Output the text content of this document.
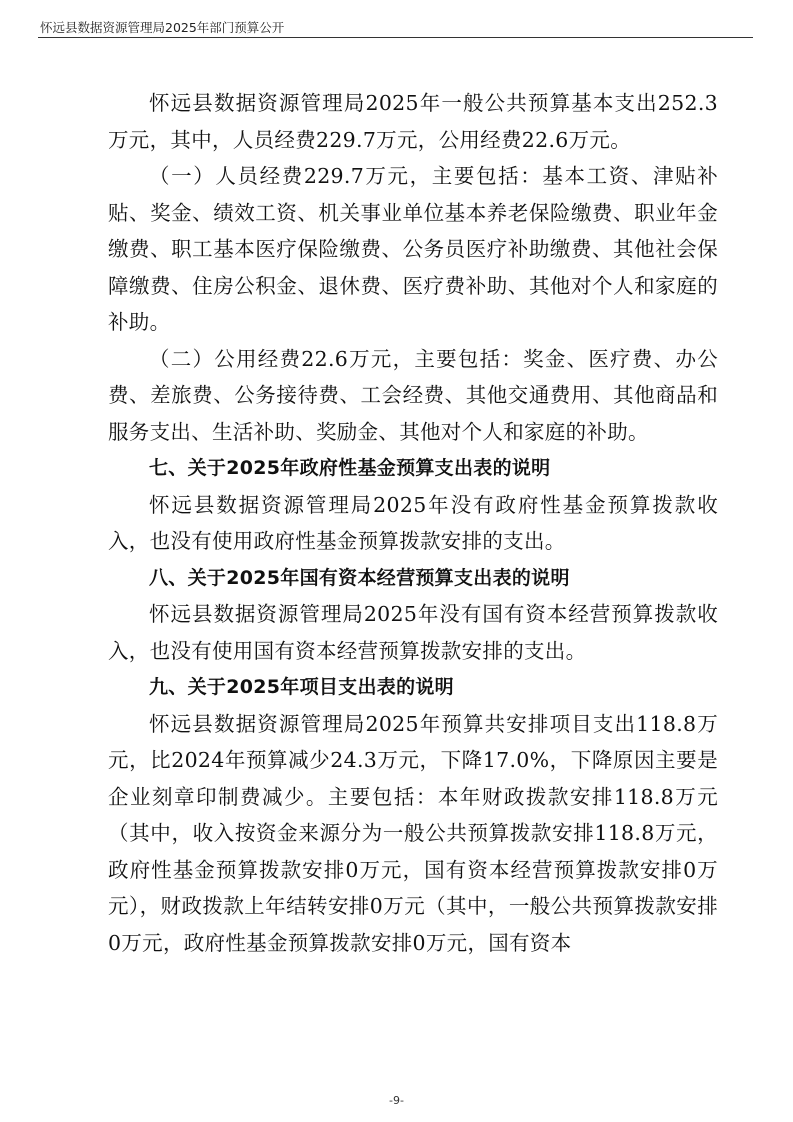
怀远县数据资源管理局2025年部门预算公开

怀远县数据资源管理局2025年一般公共预算基本支出252.3万元，其中，人员经费229.7万元，公用经费22.6万元。

（一）人员经费229.7万元，主要包括：基本工资、津贴补贴、奖金、绩效工资、机关事业单位基本养老保险缴费、职业年金缴费、职工基本医疗保险缴费、公务员医疗补助缴费、其他社会保障缴费、住房公积金、退休费、医疗费补助、其他对个人和家庭的补助。

（二）公用经费22.6万元，主要包括：奖金、医疗费、办公费、差旅费、公务接待费、工会经费、其他交通费用、其他商品和服务支出、生活补助、奖励金、其他对个人和家庭的补助。

七、关于2025年政府性基金预算支出表的说明

怀远县数据资源管理局2025年没有政府性基金预算拨款收入，也没有使用政府性基金预算拨款安排的支出。

八、关于2025年国有资本经营预算支出表的说明

怀远县数据资源管理局2025年没有国有资本经营预算拨款收入，也没有使用国有资本经营预算拨款安排的支出。

九、关于2025年项目支出表的说明

怀远县数据资源管理局2025年预算共安排项目支出118.8万元，比2024年预算减少24.3万元，下降17.0%，下降原因主要是企业刻章印制费减少。主要包括：本年财政拨款安排118.8万元（其中，收入按资金来源分为一般公共预算拨款安排118.8万元，政府性基金预算拨款安排0万元，国有资本经营预算拨款安排0万元），财政拨款上年结转安排0万元（其中，一般公共预算拨款安排0万元，政府性基金预算拨款安排0万元，国有资本

-9-
